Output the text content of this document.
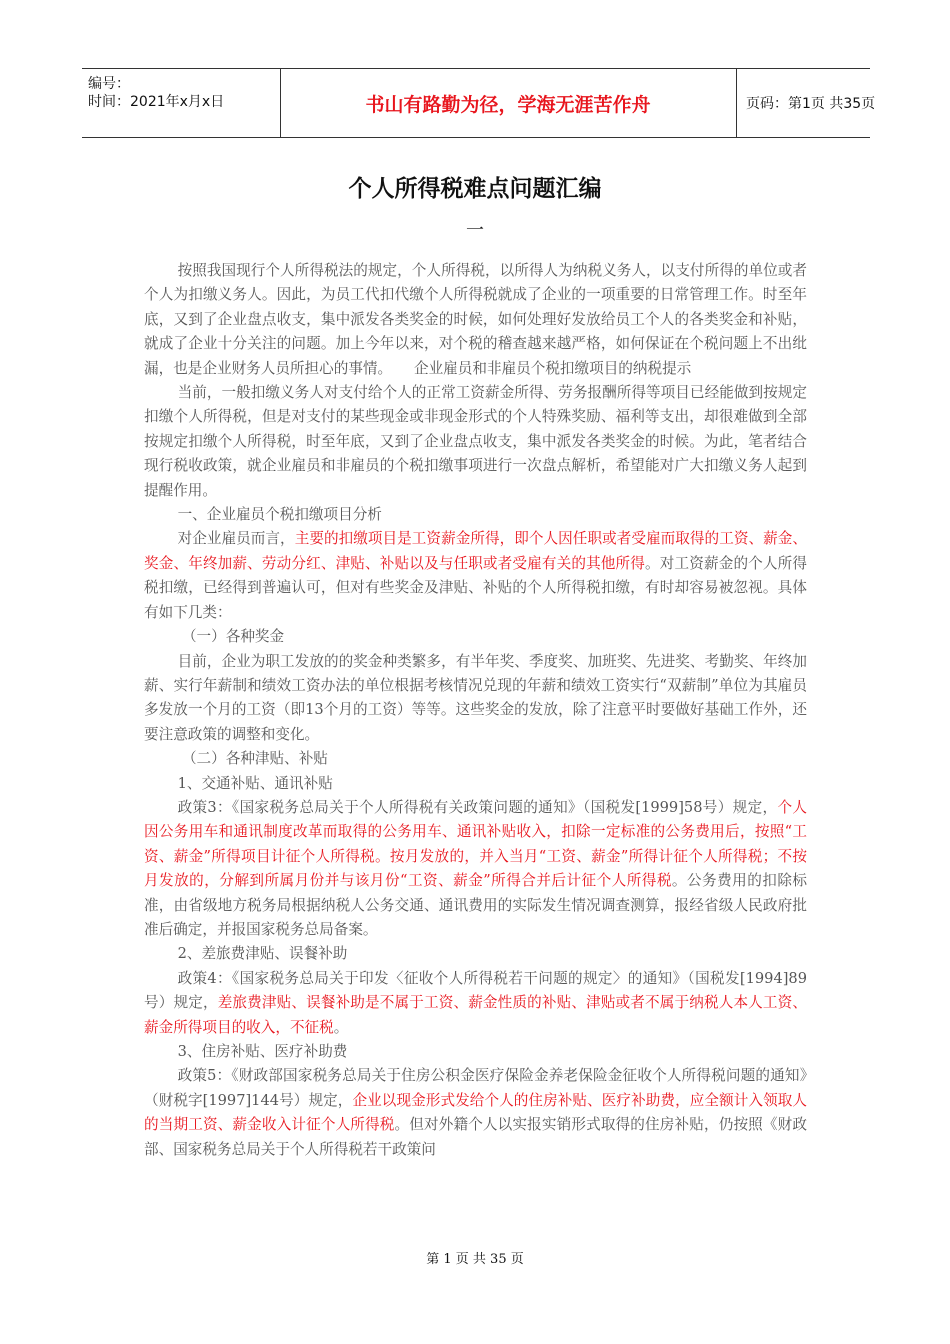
编号：
时间：2021年x月x日	书山有路勤为径，学海无涯苦作舟	页码：第1页 共35页
个人所得税难点问题汇编
一

按照我国现行个人所得税法的规定，个人所得税，以所得人为纳税义务人，以支付所得的单位或者个人为扣缴义务人。因此，为员工代扣代缴个人所得税就成了企业的一项重要的日常管理工作。时至年底，又到了企业盘点收支，集中派发各类奖金的时候，如何处理好发放给员工个人的各类奖金和补贴，就成了企业十分关注的问题。加上今年以来，对个税的稽查越来越严格，如何保证在个税问题上不出纰漏，也是企业财务人员所担心的事情。　　企业雇员和非雇员个税扣缴项目的纳税提示

当前，一般扣缴义务人对支付给个人的正常工资薪金所得、劳务报酬所得等项目已经能做到按规定扣缴个人所得税，但是对支付的某些现金或非现金形式的个人特殊奖励、福利等支出，却很难做到全部按规定扣缴个人所得税，时至年底，又到了企业盘点收支，集中派发各类奖金的时候。为此，笔者结合现行税收政策，就企业雇员和非雇员的个税扣缴事项进行一次盘点解析，希望能对广大扣缴义务人起到提醒作用。

一、企业雇员个税扣缴项目分析

对企业雇员而言，主要的扣缴项目是工资薪金所得，即个人因任职或者受雇而取得的工资、薪金、奖金、年终加薪、劳动分红、津贴、补贴以及与任职或者受雇有关的其他所得。对工资薪金的个人所得税扣缴，已经得到普遍认可，但对有些奖金及津贴、补贴的个人所得税扣缴，有时却容易被忽视。具体有如下几类：

（一）各种奖金

目前，企业为职工发放的的奖金种类繁多，有半年奖、季度奖、加班奖、先进奖、考勤奖、年终加薪、实行年薪制和绩效工资办法的单位根据考核情况兑现的年薪和绩效工资实行“双薪制”单位为其雇员多发放一个月的工资（即13个月的工资）等等。这些奖金的发放，除了注意平时要做好基础工作外，还要注意政策的调整和变化。

（二）各种津贴、补贴

1、交通补贴、通讯补贴

政策3：《国家税务总局关于个人所得税有关政策问题的通知》（国税发[1999]58号）规定，个人因公务用车和通讯制度改革而取得的公务用车、通讯补贴收入，扣除一定标准的公务费用后，按照“工资、薪金”所得项目计征个人所得税。按月发放的，并入当月“工资、薪金”所得计征个人所得税；不按月发放的，分解到所属月份并与该月份“工资、薪金”所得合并后计征个人所得税。公务费用的扣除标准，由省级地方税务局根据纳税人公务交通、通讯费用的实际发生情况调查测算，报经省级人民政府批准后确定，并报国家税务总局备案。

2、差旅费津贴、误餐补助

政策4：《国家税务总局关于印发〈征收个人所得税若干问题的规定〉的通知》（国税发[1994]89号）规定，差旅费津贴、误餐补助是不属于工资、薪金性质的补贴、津贴或者不属于纳税人本人工资、薪金所得项目的收入，不征税。

3、住房补贴、医疗补助费

政策5：《财政部国家税务总局关于住房公积金医疗保险金养老保险金征收个人所得税问题的通知》（财税字[1997]144号）规定，企业以现金形式发给个人的住房补贴、医疗补助费，应全额计入领取人的当期工资、薪金收入计征个人所得税。但对外籍个人以实报实销形式取得的住房补贴，仍按照《财政部、国家税务总局关于个人所得税若干政策问

第 1 页 共 35 页
